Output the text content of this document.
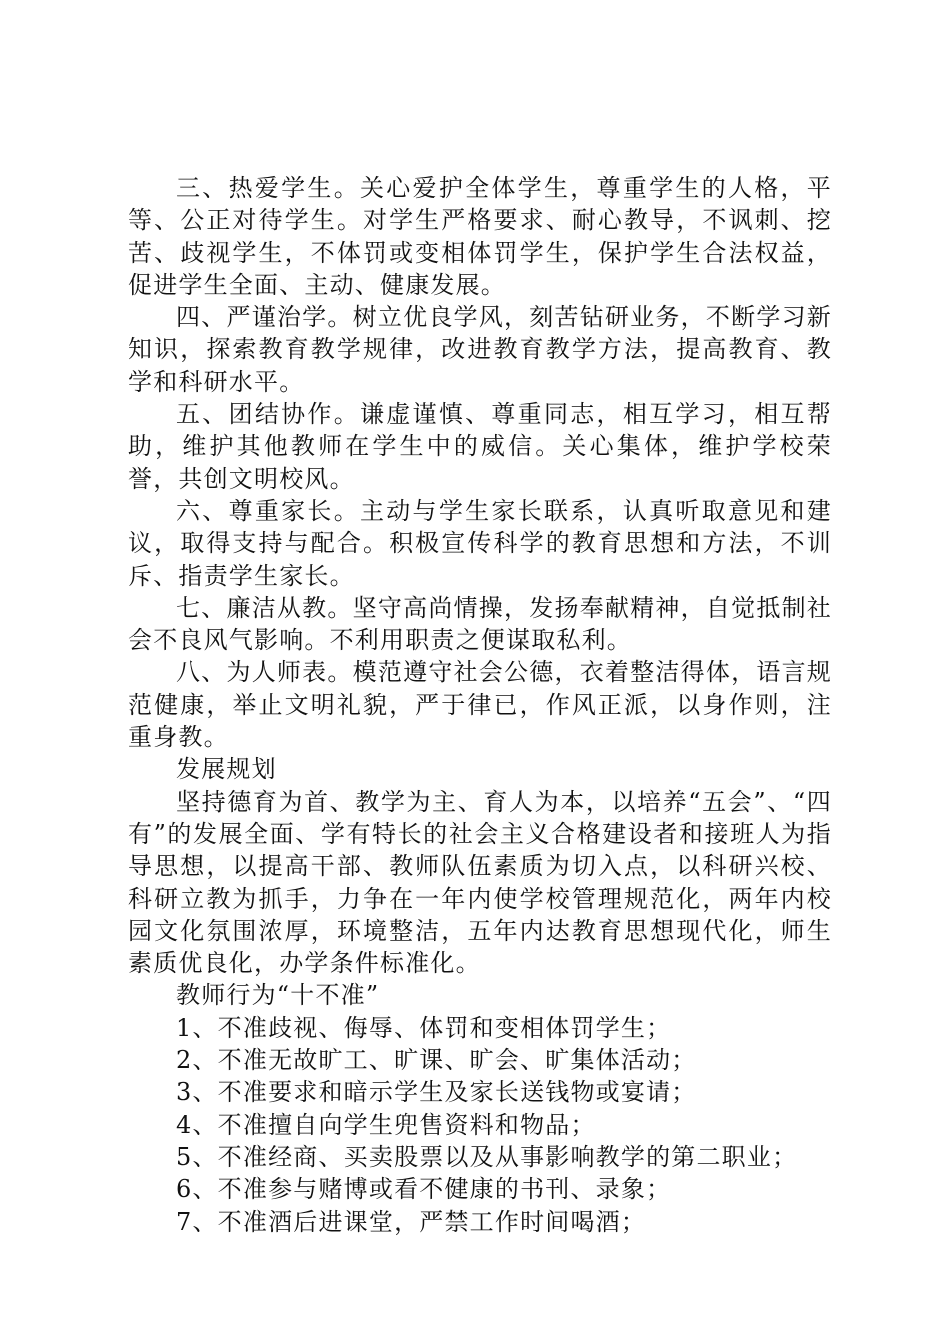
三、热爱学生。关心爱护全体学生，尊重学生的人格，平等、公正对待学生。对学生严格要求、耐心教导，不讽刺、挖苦、歧视学生，不体罚或变相体罚学生，保护学生合法权益，促进学生全面、主动、健康发展。

四、严谨治学。树立优良学风，刻苦钻研业务，不断学习新知识，探索教育教学规律，改进教育教学方法，提高教育、教学和科研水平。

五、团结协作。谦虚谨慎、尊重同志，相互学习，相互帮助，维护其他教师在学生中的威信。关心集体，维护学校荣誉，共创文明校风。

六、尊重家长。主动与学生家长联系，认真听取意见和建议，取得支持与配合。积极宣传科学的教育思想和方法，不训斥、指责学生家长。

七、廉洁从教。坚守高尚情操，发扬奉献精神，自觉抵制社会不良风气影响。不利用职责之便谋取私利。

八、为人师表。模范遵守社会公德，衣着整洁得体，语言规范健康，举止文明礼貌，严于律已，作风正派，以身作则，注重身教。

发展规划

坚持德育为首、教学为主、育人为本，以培养“五会”、“四有”的发展全面、学有特长的社会主义合格建设者和接班人为指导思想，以提高干部、教师队伍素质为切入点，以科研兴校、科研立教为抓手，力争在一年内使学校管理规范化，两年内校园文化氛围浓厚，环境整洁，五年内达教育思想现代化，师生素质优良化，办学条件标准化。

教师行为“十不准”

1、不准歧视、侮辱、体罚和变相体罚学生；

2、不准无故旷工、旷课、旷会、旷集体活动；

3、不准要求和暗示学生及家长送钱物或宴请；

4、不准擅自向学生兜售资料和物品；

5、不准经商、买卖股票以及从事影响教学的第二职业；

6、不准参与赌博或看不健康的书刊、录象；

7、不准酒后进课堂，严禁工作时间喝酒；
